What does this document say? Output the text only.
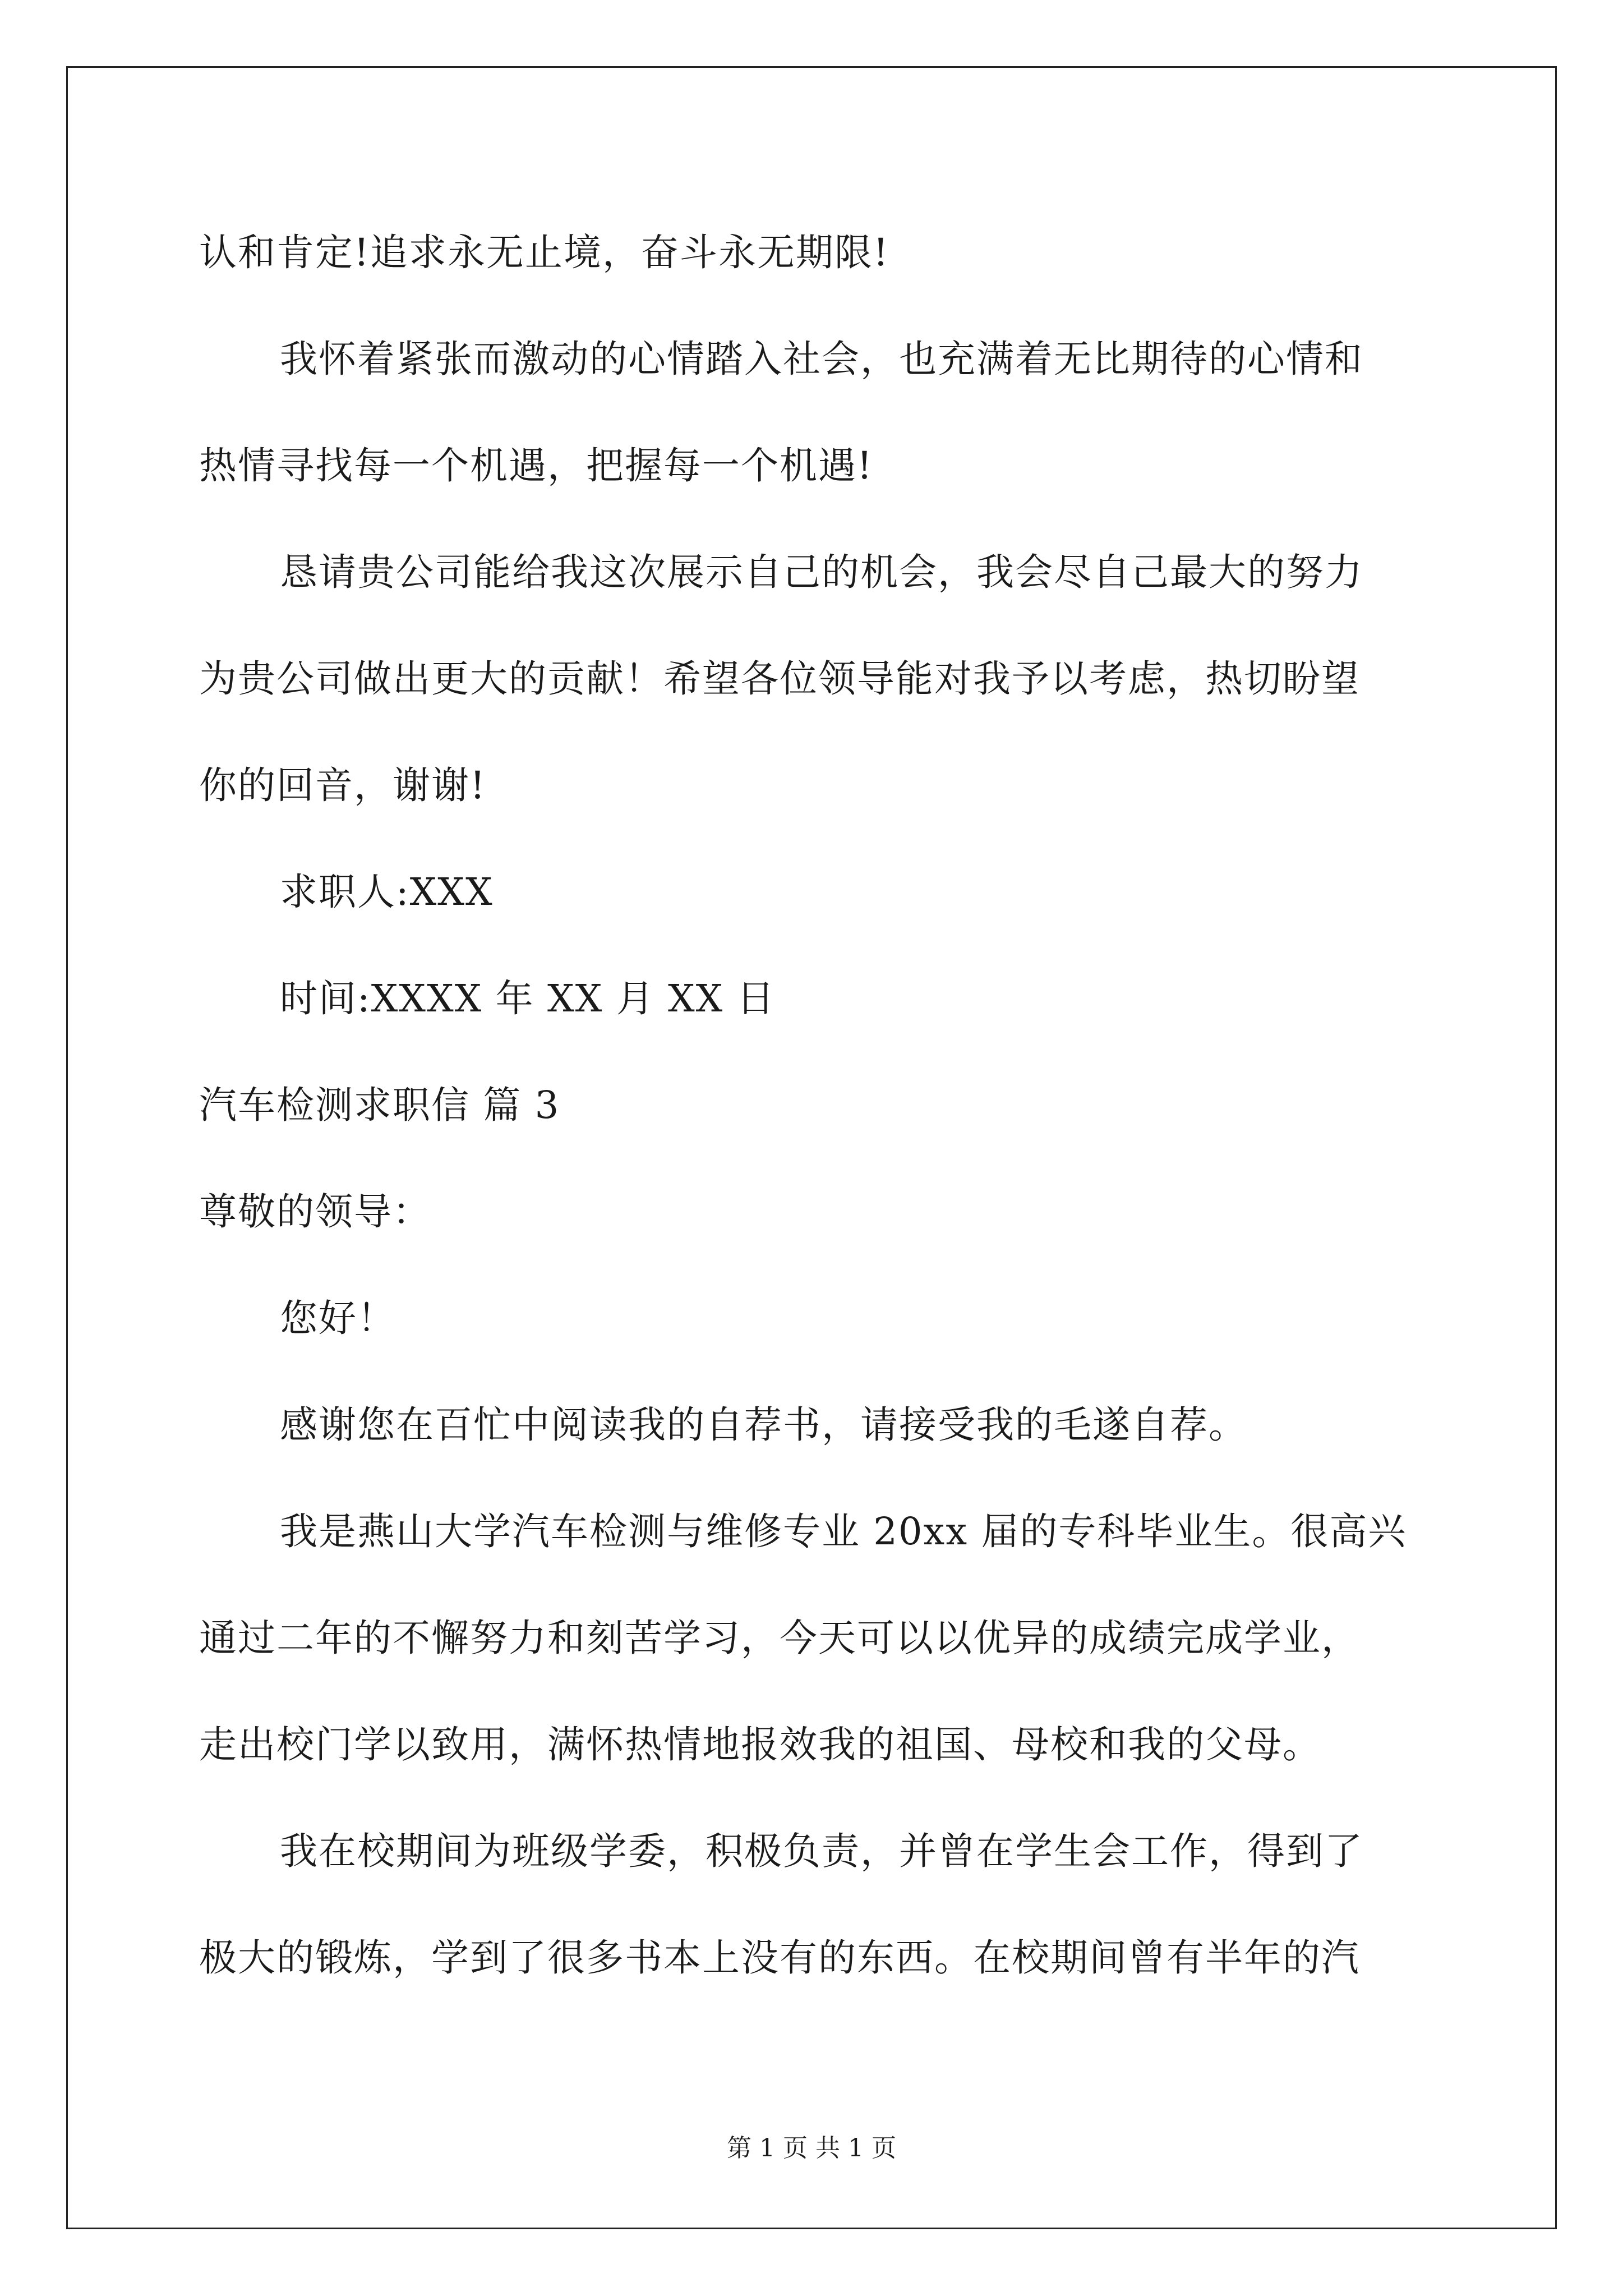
认和肯定!追求永无止境，奋斗永无期限!
我怀着紧张而激动的心情踏入社会，也充满着无比期待的心情和
热情寻找每一个机遇，把握每一个机遇!
恳请贵公司能给我这次展示自己的机会，我会尽自己最大的努力
为贵公司做出更大的贡献！希望各位领导能对我予以考虑，热切盼望
你的回音，谢谢!
求职人:XXX
时间:XXXX 年 XX 月 XX 日
汽车检测求职信 篇 3
尊敬的领导：
您好！
感谢您在百忙中阅读我的自荐书，请接受我的毛遂自荐。
我是燕山大学汽车检测与维修专业 20xx 届的专科毕业生。很高兴
通过二年的不懈努力和刻苦学习，今天可以以优异的成绩完成学业，
走出校门学以致用，满怀热情地报效我的祖国、母校和我的父母。
我在校期间为班级学委，积极负责，并曾在学生会工作，得到了
极大的锻炼，学到了很多书本上没有的东西。在校期间曾有半年的汽
第 1 页 共 1 页
